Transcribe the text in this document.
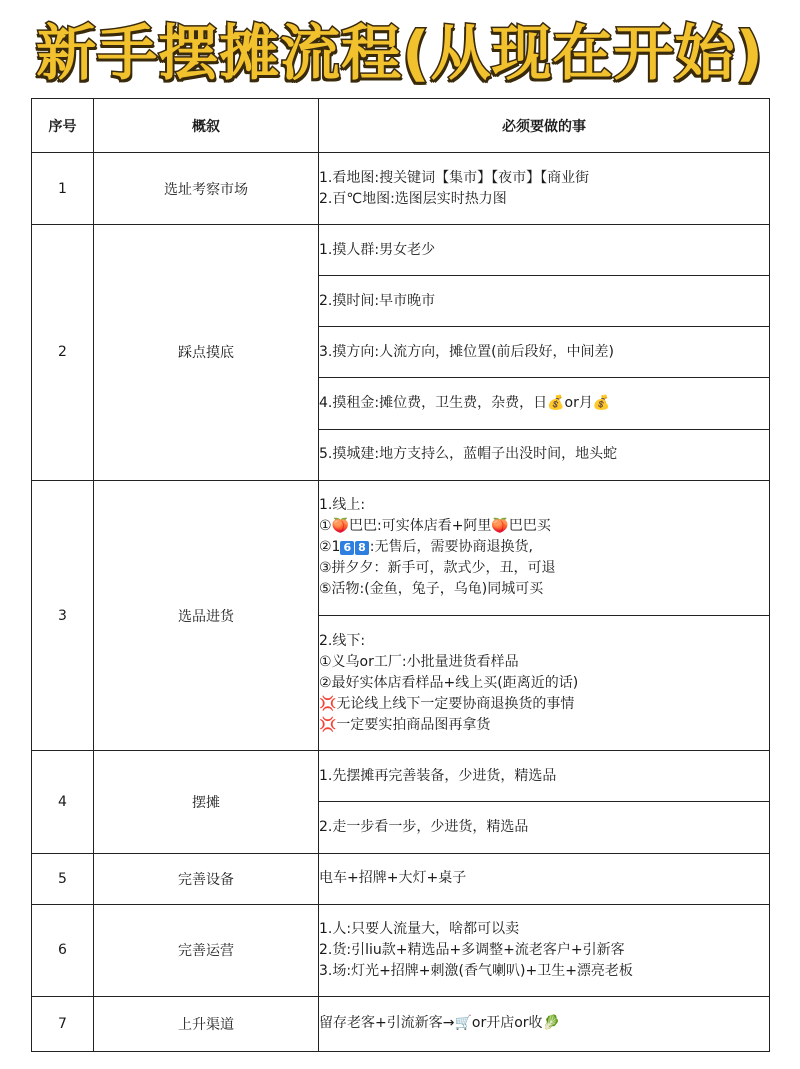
新手摆摊流程(从现在开始)
序号	概叙	必须要做的事
1	选址考察市场	1.看地图:搜关键词【集市】【夜市】【商业街
2.百℃地图:选图层实时热力图

2	踩点摸底	1.摸人群:男女老少

		2.摸时间:早市晚市

		3.摸方向:人流方向，摊位置(前后段好，中间差)

		4.摸租金:摊位费，卫生费，杂费，日💰or月💰

		5.摸城建:地方支持么，蓝帽子出没时间，地头蛇

3	选品进货	1.线上:
①🍑巴巴:可实体店看+阿里🍑巴巴买
②1 6 8 :无售后，需要协商退换货,
③拼夕夕：新手可，款式少，丑，可退
⑤活物:(金鱼，兔子，乌龟)同城可买

		2.线下:
①义乌or工厂:小批量进货看样品
②最好实体店看样品+线上买(距离近的话)
💢无论线上线下一定要协商退换货的事情
💢一定要实拍商品图再拿货

4	摆摊	1.先摆摊再完善装备，少进货，精选品

		2.走一步看一步，少进货，精选品

5	完善设备	电车+招牌+大灯+桌子

6	完善运营	1.人:只要人流量大，啥都可以卖
2.货:引liu款+精选品+多调整+流老客户+引新客
3.场:灯光+招牌+刺激(香气喇叭)+卫生+漂亮老板

7	上升渠道	留存老客+引流新客→🛒or开店or收🥬
